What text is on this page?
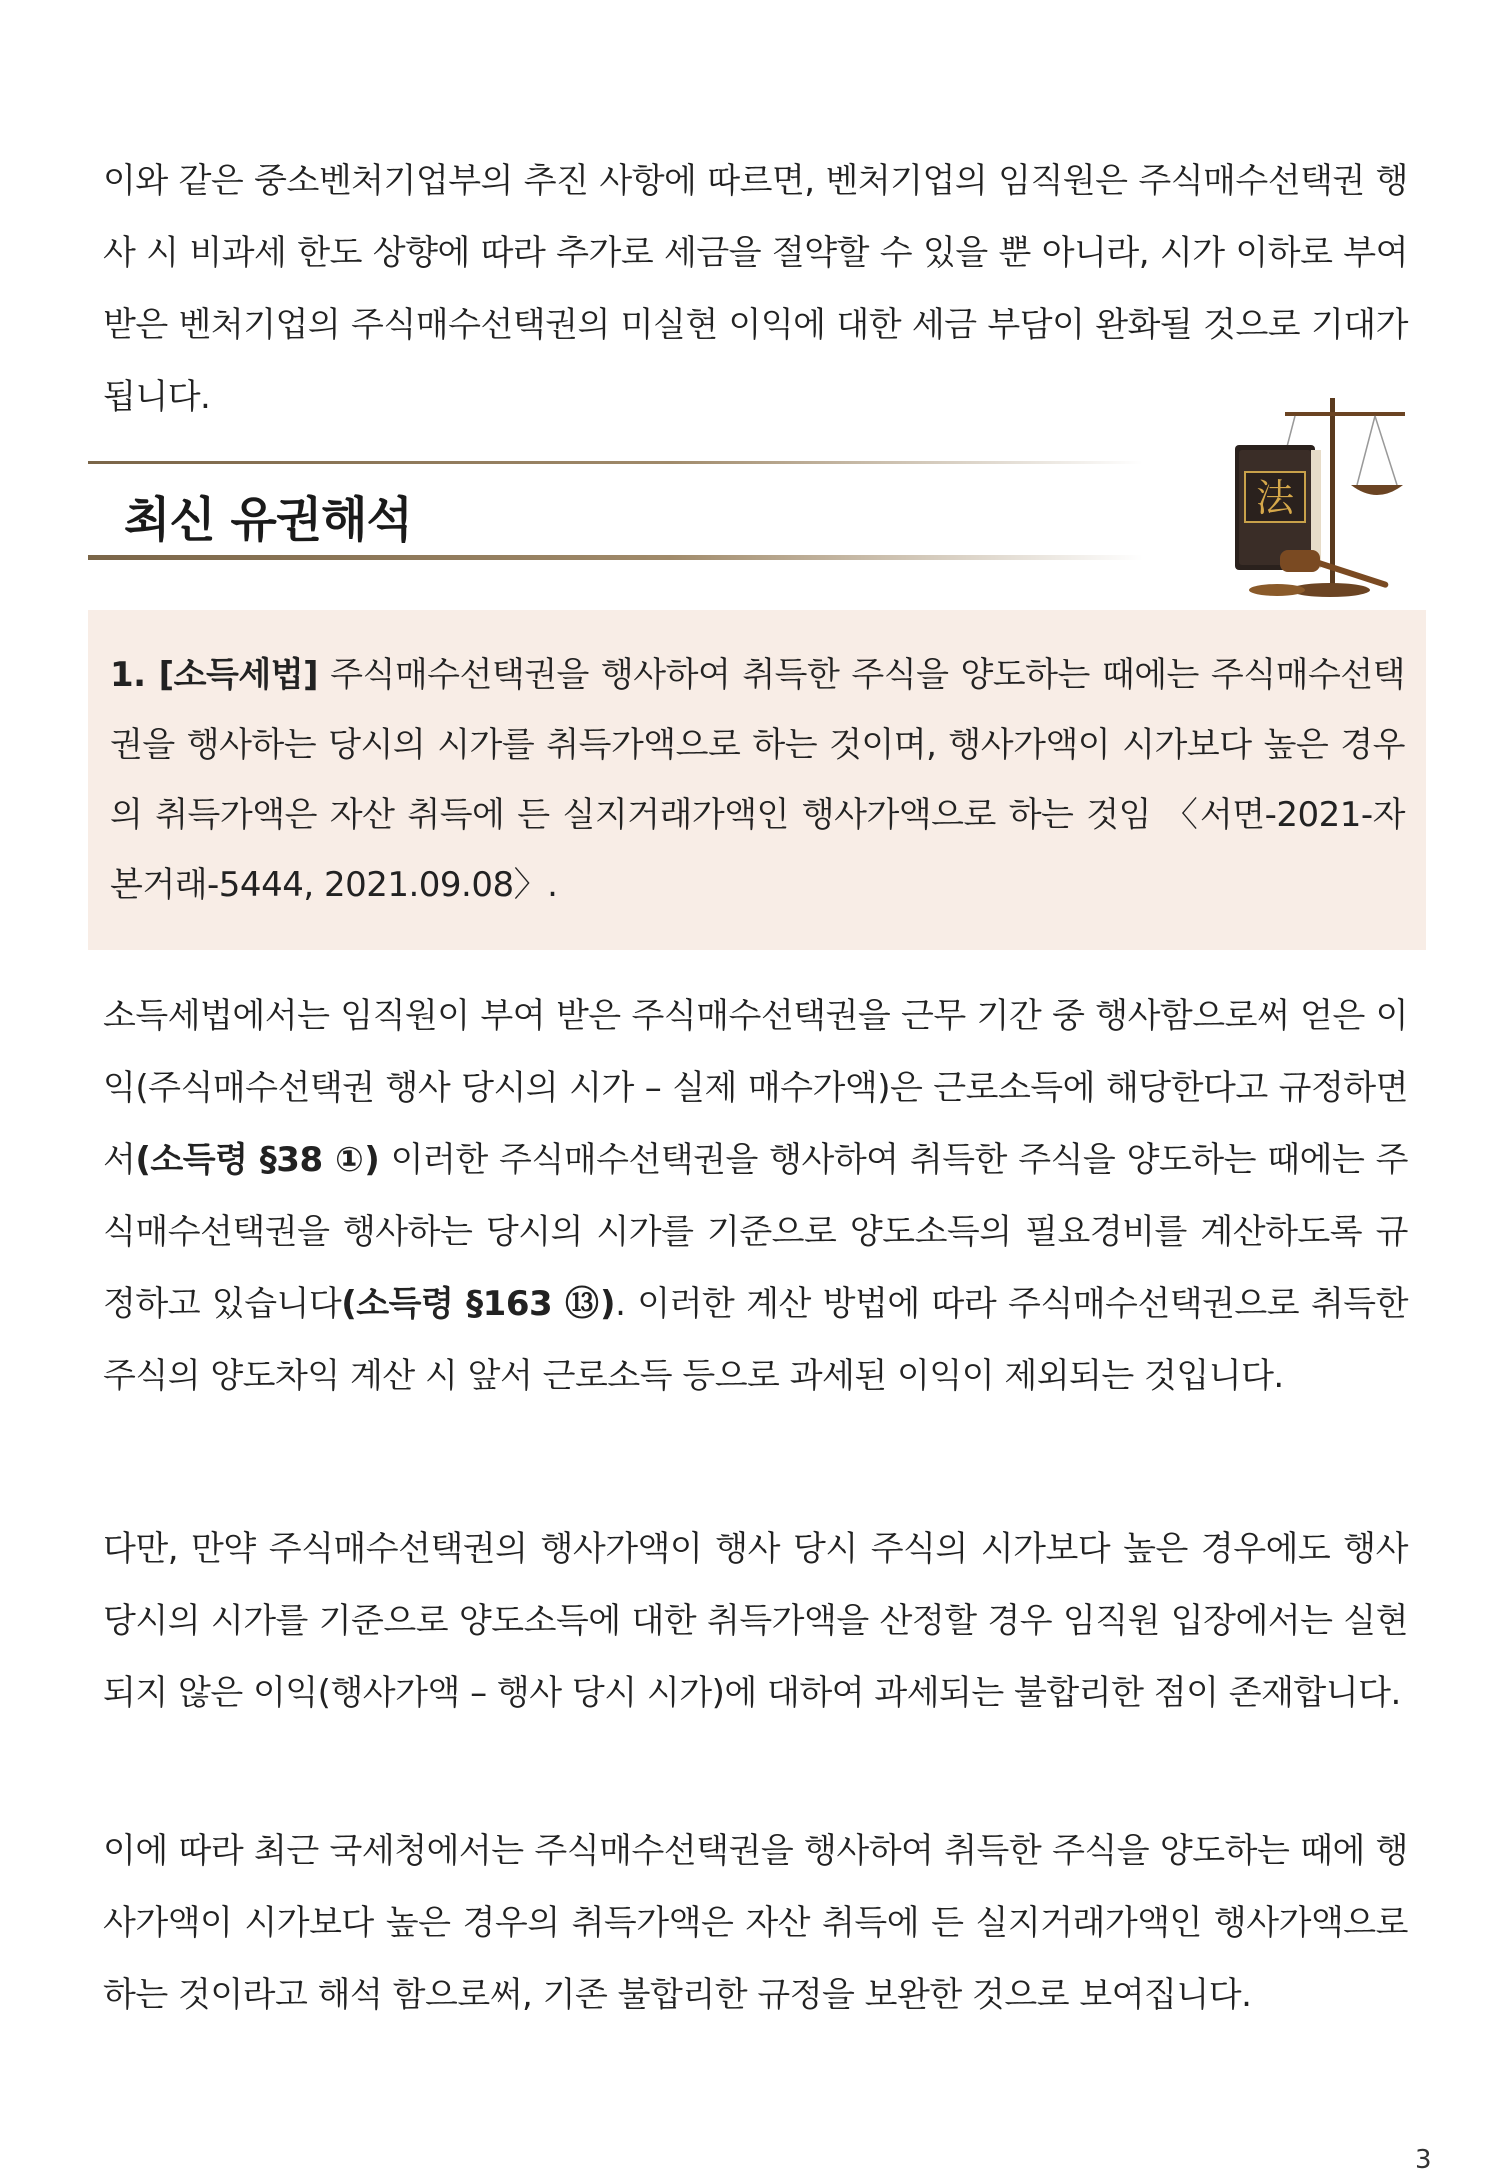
이와 같은 중소벤처기업부의 추진 사항에 따르면, 벤처기업의 임직원은 주식매수선택권 행사 시 비과세 한도 상향에 따라 추가로 세금을 절약할 수 있을 뿐 아니라, 시가 이하로 부여 받은 벤처기업의 주식매수선택권의 미실현 이익에 대한 세금 부담이 완화될 것으로 기대가 됩니다.

최신 유권해석	法

1. [소득세법] 주식매수선택권을 행사하여 취득한 주식을 양도하는 때에는 주식매수선택권을 행사하는 당시의 시가를 취득가액으로 하는 것이며, 행사가액이 시가보다 높은 경우의 취득가액은 자산 취득에 든 실지거래가액인 행사가액으로 하는 것임 〈서면-2021-자본거래-5444, 2021.09.08〉.

소득세법에서는 임직원이 부여 받은 주식매수선택권을 근무 기간 중 행사함으로써 얻은 이익(주식매수선택권 행사 당시의 시가 – 실제 매수가액)은 근로소득에 해당한다고 규정하면서(소득령 §38 ①) 이러한 주식매수선택권을 행사하여 취득한 주식을 양도하는 때에는 주식매수선택권을 행사하는 당시의 시가를 기준으로 양도소득의 필요경비를 계산하도록 규정하고 있습니다(소득령 §163 ⑬). 이러한 계산 방법에 따라 주식매수선택권으로 취득한 주식의 양도차익 계산 시 앞서 근로소득 등으로 과세된 이익이 제외되는 것입니다.

다만, 만약 주식매수선택권의 행사가액이 행사 당시 주식의 시가보다 높은 경우에도 행사 당시의 시가를 기준으로 양도소득에 대한 취득가액을 산정할 경우 임직원 입장에서는 실현되지 않은 이익(행사가액 – 행사 당시 시가)에 대하여 과세되는 불합리한 점이 존재합니다.

이에 따라 최근 국세청에서는 주식매수선택권을 행사하여 취득한 주식을 양도하는 때에 행사가액이 시가보다 높은 경우의 취득가액은 자산 취득에 든 실지거래가액인 행사가액으로 하는 것이라고 해석 함으로써, 기존 불합리한 규정을 보완한 것으로 보여집니다.

3
